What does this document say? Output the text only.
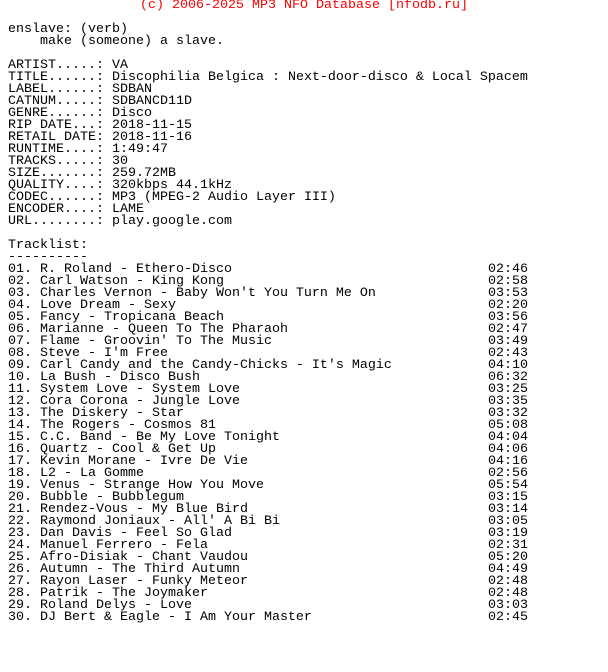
(c) 2006-2025 MP3 NFO Database [nfodb.ru]
enslave: (verb)
make (someone) a slave.
ARTIST.....: VA
TITLE......: Discophilia Belgica : Next-door-disco & Local Spacem
LABEL......: SDBAN
CATNUM.....: SDBANCD11D
GENRE......: Disco
RIP DATE...: 2018-11-15
RETAIL DATE: 2018-11-16
RUNTIME....: 1:49:47
TRACKS.....: 30
SIZE.......: 259.72MB
QUALITY....: 320kbps 44.1kHz
CODEC......: MP3 (MPEG-2 Audio Layer III)
ENCODER....: LAME
URL........: play.google.com
Tracklist:
----------
01. R. Roland - Ethero-Disco	02:46
02. Carl Watson - King Kong	02:58
03. Charles Vernon - Baby Won't You Turn Me On	03:53
04. Love Dream - Sexy	02:20
05. Fancy - Tropicana Beach	03:56
06. Marianne - Queen To The Pharaoh	02:47
07. Flame - Groovin' To The Music	03:49
08. Steve - I'm Free	02:43
09. Carl Candy and the Candy-Chicks - It's Magic	04:10
10. La Bush - Disco Bush	06:32
11. System Love - System Love	03:25
12. Cora Corona - Jungle Love	03:35
13. The Diskery - Star	03:32
14. The Rogers - Cosmos 81	05:08
15. C.C. Band - Be My Love Tonight	04:04
16. Quartz - Cool & Get Up	04:06
17. Kevin Morane - Ivre De Vie	04:16
18. L2 - La Gomme	02:56
19. Venus - Strange How You Move	05:54
20. Bubble - Bubblegum	03:15
21. Rendez-Vous - My Blue Bird	03:14
22. Raymond Joniaux - All' A Bi Bi	03:05
23. Dan Davis - Feel So Glad	03:19
24. Manuel Ferrero - Fela	02:31
25. Afro-Disiak - Chant Vaudou	05:20
26. Autumn - The Third Autumn	04:49
27. Rayon Laser - Funky Meteor	02:48
28. Patrik - The Joymaker	02:48
29. Roland Delys - Love	03:03
30. DJ Bert & Eagle - I Am Your Master	02:45
